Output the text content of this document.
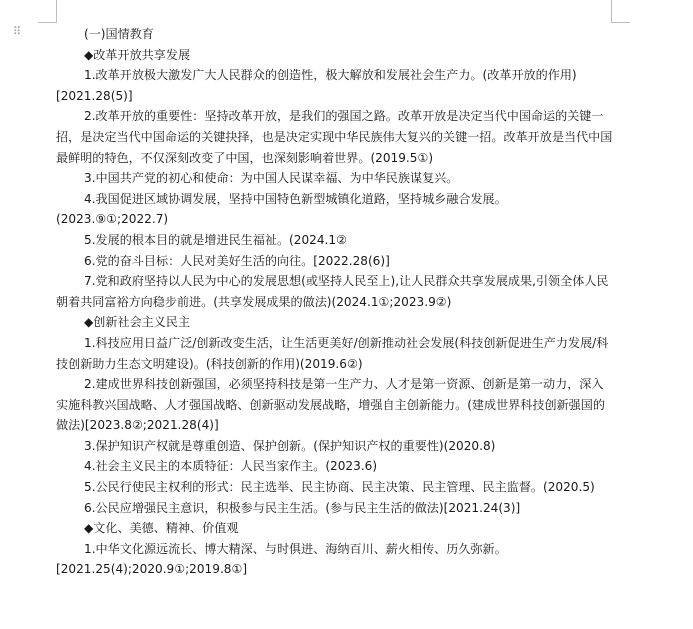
⠿	(一)国情教育

◆改革开放共享发展

1.改革开放极大激发广大人民群众的创造性，极大解放和发展社会生产力。(改革开放的作用)[2021.28(5)]

2.改革开放的重要性：坚持改革开放，是我们的强国之路。改革开放是决定当代中国命运的关键一招，是决定当代中国命运的关键抉择，也是决定实现中华民族伟大复兴的关键一招。改革开放是当代中国最鲜明的特色，不仅深刻改变了中国，也深刻影响着世界。(2019.5①)

3.中国共产党的初心和使命：为中国人民谋幸福、为中华民族谋复兴。

4.我国促进区域协调发展，坚持中国特色新型城镇化道路，坚持城乡融合发展。(2023.⑨①;2022.7)

5.发展的根本目的就是增进民生福祉。(2024.1②

6.党的奋斗目标：人民对美好生活的向往。[2022.28(6)]

7.党和政府坚持以人民为中心的发展思想(或坚持人民至上),让人民群众共享发展成果,引领全体人民朝着共同富裕方向稳步前进。(共享发展成果的做法)(2024.1①;2023.9②)

◆创新社会主义民主

1.科技应用日益广泛/创新改变生活，让生活更美好/创新推动社会发展(科技创新促进生产力发展/科技创新助力生态文明建设)。(科技创新的作用)(2019.6②)

2.建成世界科技创新强国，必须坚持科技是第一生产力、人才是第一资源、创新是第一动力，深入实施科教兴国战略、人才强国战略、创新驱动发展战略，增强自主创新能力。(建成世界科技创新强国的做法)[2023.8②;2021.28(4)]

3.保护知识产权就是尊重创造、保护创新。(保护知识产权的重要性)(2020.8)

4.社会主义民主的本质特征：人民当家作主。(2023.6)

5.公民行使民主权利的形式：民主选举、民主协商、民主决策、民主管理、民主监督。(2020.5)

6.公民应增强民主意识，积极参与民主生活。(参与民主生活的做法)[2021.24(3)]

◆文化、美德、精神、价值观

1.中华文化源远流长、博大精深、与时俱进、海纳百川、薪火相传、历久弥新。[2021.25(4);2020.9①;2019.8①]
